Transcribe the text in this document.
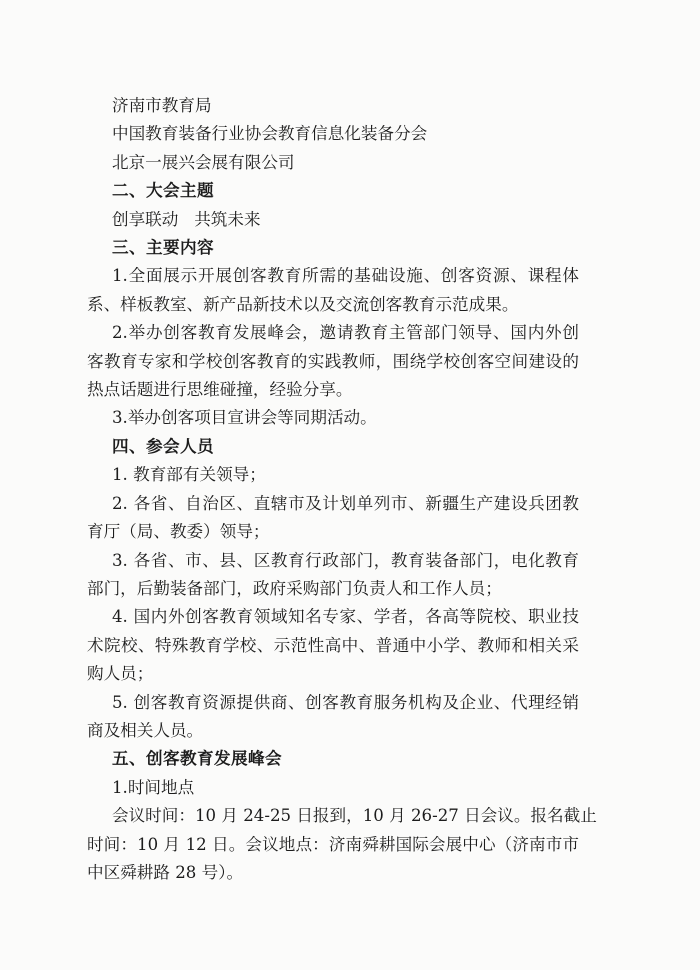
济南市教育局
中国教育装备行业协会教育信息化装备分会
北京一展兴会展有限公司
二、大会主题
创享联动   共筑未来
三、主要内容
1.全面展示开展创客教育所需的基础设施、创客资源、课程体
系、样板教室、新产品新技术以及交流创客教育示范成果。
2.举办创客教育发展峰会，邀请教育主管部门领导、国内外创
客教育专家和学校创客教育的实践教师，围绕学校创客空间建设的
热点话题进行思维碰撞，经验分享。
3.举办创客项目宣讲会等同期活动。
四、参会人员
1. 教育部有关领导；
2. 各省、自治区、直辖市及计划单列市、新疆生产建设兵团教
育厅（局、教委）领导；
3. 各省、市、县、区教育行政部门，教育装备部门，电化教育
部门，后勤装备部门，政府采购部门负责人和工作人员；
4. 国内外创客教育领域知名专家、学者，各高等院校、职业技
术院校、特殊教育学校、示范性高中、普通中小学、教师和相关采
购人员；
5. 创客教育资源提供商、创客教育服务机构及企业、代理经销
商及相关人员。
五、创客教育发展峰会
1.时间地点
会议时间：10 月 24-25 日报到，10 月 26-27 日会议。报名截止
时间：10 月 12 日。会议地点：济南舜耕国际会展中心（济南市市
中区舜耕路 28 号）。
